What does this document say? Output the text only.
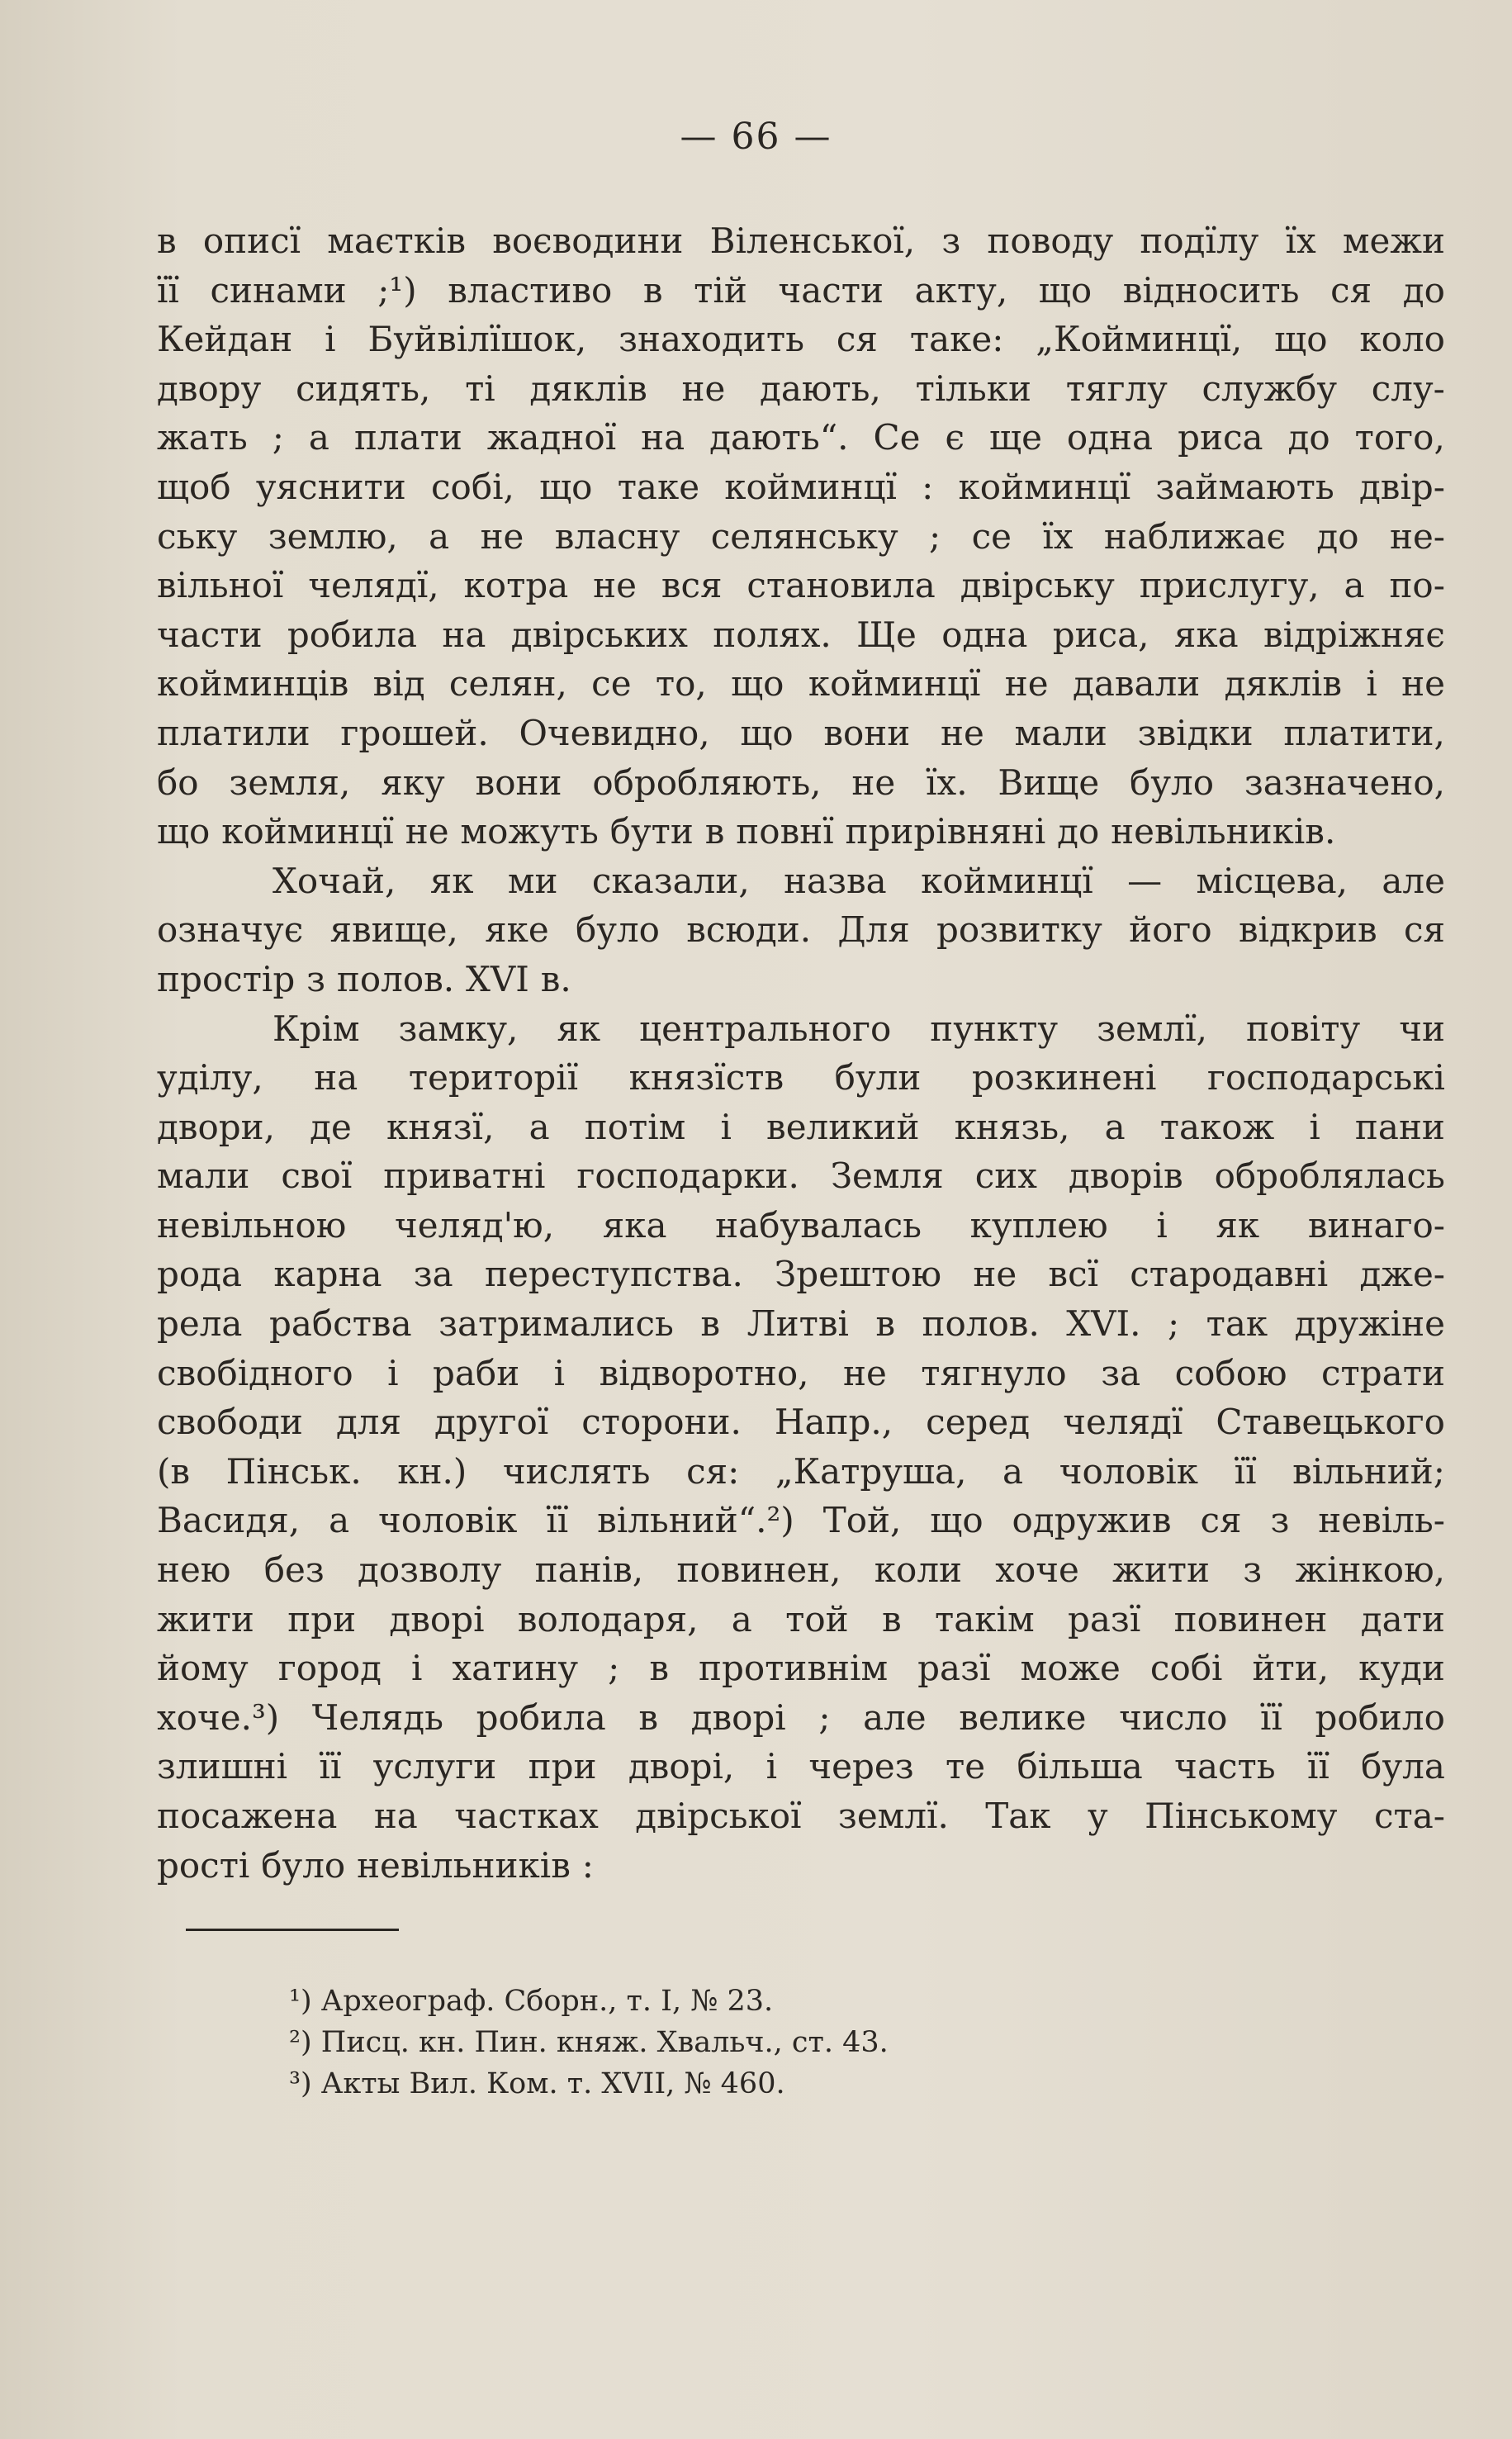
— 66 —
в описї маєтків воєводини Віленської, з поводу подїлу їх межи
її синами ;¹) властиво в тій части акту, що відносить ся до
Кейдан і Буйвілїшок, знаходить ся таке: „Койминцї, що коло
двору сидять, ті дяклів не дають, тільки тяглу службу слу-
жать ; а плати жадної на дають“. Се є ще одна риса до того,
щоб уяснити собі, що таке койминцї : койминцї займають двір-
ську землю, а не власну селянську ; се їх наближає до не-
вільної челядї, котра не вся становила двірську прислугу, а по-
части робила на двірських полях. Ще одна риса, яка відріжняє
койминців від селян, се то, що койминцї не давали дяклів і не
платили грошей. Очевидно, що вони не мали звідки платити,
бо земля, яку вони обробляють, не їх. Вище було зазначено,
що койминцї не можуть бути в повнї прирівняні до невільників.
Хочай, як ми сказали, назва койминцї — місцева, але
означує явище, яке було всюди. Для розвитку його відкрив ся
простір з полов. XVI в.
Крім замку, як центрального пункту землї, повіту чи
уділу, на території князїств були розкинені господарські
двори, де князї, а потім і великий князь, а також і пани
мали свої приватні господарки. Земля сих дворів оброблялась
невільною челяд'ю, яка набувалась куплею і як винаго-
рода карна за переступства. Зрештою не всї стародавні дже-
рела рабства затримались в Литві в полов. XVI. ; так дружіне
свобідного і раби і відворотно, не тягнуло за собою страти
свободи для другої сторони. Напр., серед челядї Ставецького
(в Пінськ. кн.) числять ся: „Катруша, а чоловік її вільний;
Васидя, а чоловік її вільний“.²) Той, що одружив ся з невіль-
нею без дозволу панів, повинен, коли хоче жити з жінкою,
жити при дворі володаря, а той в такім разї повинен дати
йому город і хатину ; в противнім разї може собі йти, куди
хоче.³) Челядь робила в дворі ; але велике число її робило
злишні її услуги при дворі, і через те більша часть її була
посажена на частках двірської землї. Так у Пінському ста-
рості було невільників :
¹) Археограф. Сборн., т. I, № 23.
²) Писц. кн. Пин. княж. Хвальч., ст. 43.
³) Акты Вил. Ком. т. XVII, № 460.
